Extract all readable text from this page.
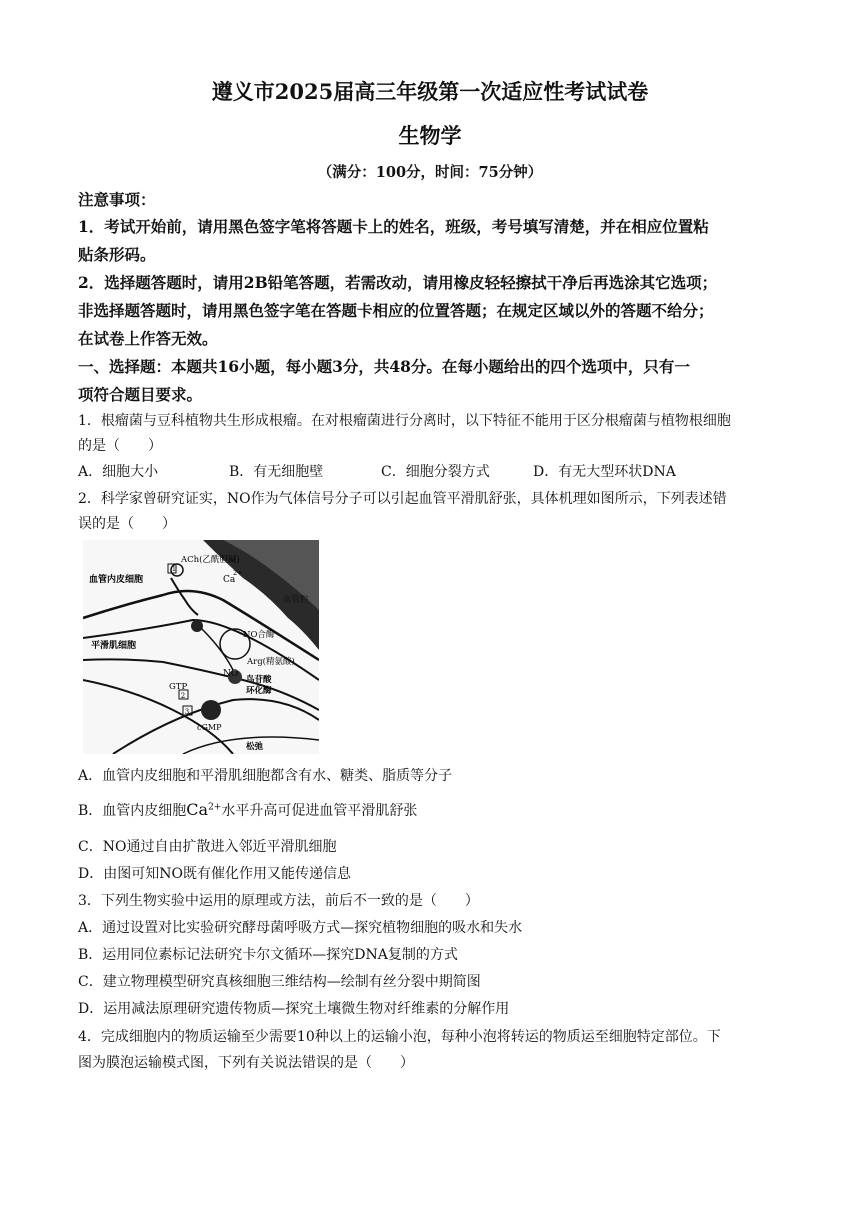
遵义市2025届高三年级第一次适应性考试试卷
生物学
（满分：100分，时间：75分钟）
注意事项：
1．考试开始前，请用黑色签字笔将答题卡上的姓名，班级，考号填写清楚，并在相应位置粘
贴条形码。
2．选择题答题时，请用2B铅笔答题，若需改动，请用橡皮轻轻擦拭干净后再选涂其它选项；
非选择题答题时，请用黑色签字笔在答题卡相应的位置答题；在规定区域以外的答题不给分；
在试卷上作答无效。
一、选择题：本题共16小题，每小题3分，共48分。在每小题给出的四个选项中，只有一
项符合题目要求。
1．根瘤菌与豆科植物共生形成根瘤。在对根瘤菌进行分离时，以下特征不能用于区分根瘤菌与植物根细胞
的是（　　）
A．细胞大小	B．有无细胞壁	C．细胞分裂方式	D．有无大型环状DNA
2．科学家曾研究证实，NO作为气体信号分子可以引起血管平滑肌舒张，具体机理如图所示，下列表述错
误的是（　　）
1
2
3
ACh(乙酰胆碱)
Ca
2+
血管内皮细胞
血管腔
NO合酶
平滑肌细胞
Arg(精氨酸)
NO
鸟苷酸
环化酶
GTP
cGMP
松弛
A．血管内皮细胞和平滑肌细胞都含有水、糖类、脂质等分子
B．血管内皮细胞$Ca^{2+}$水平升高可促进血管平滑肌舒张
C．NO通过自由扩散进入邻近平滑肌细胞
D．由图可知NO既有催化作用又能传递信息
3．下列生物实验中运用的原理或方法，前后不一致的是（　　）
A．通过设置对比实验研究酵母菌呼吸方式—探究植物细胞的吸水和失水
B．运用同位素标记法研究卡尔文循环—探究DNA复制的方式
C．建立物理模型研究真核细胞三维结构—绘制有丝分裂中期简图
D．运用减法原理研究遗传物质—探究土壤微生物对纤维素的分解作用
4．完成细胞内的物质运输至少需要10种以上的运输小泡，每种小泡将转运的物质运至细胞特定部位。下
图为膜泡运输模式图，下列有关说法错误的是（　　）
